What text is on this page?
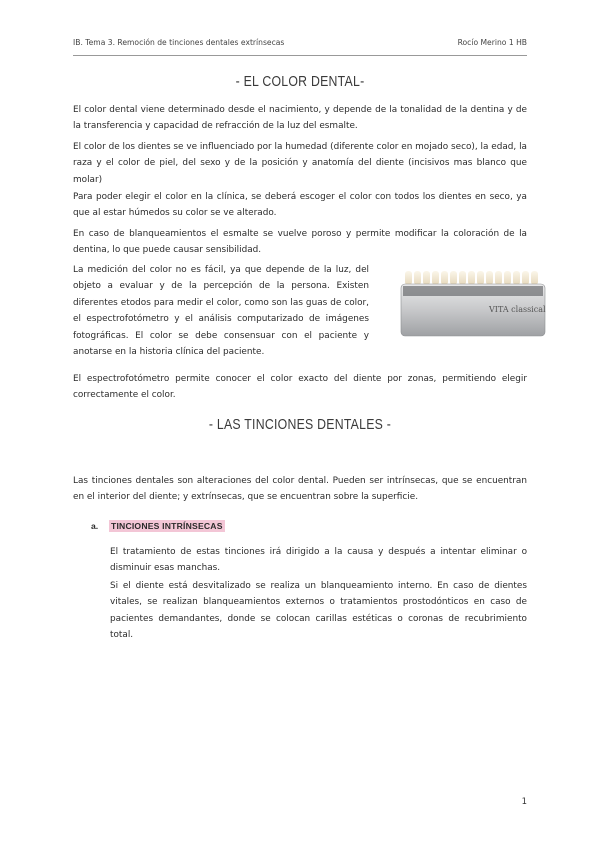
IB. Tema 3. Remoción de tinciones dentales extrínsecas	Rocío Merino 1 HB
- EL COLOR DENTAL-
El color dental viene determinado desde el nacimiento, y depende de la tonalidad de la dentina y de la transferencia y capacidad de refracción de la luz del esmalte.
El color de los dientes se ve influenciado por la humedad (diferente color en mojado seco), la edad, la raza y el color de piel, del sexo y de la posición y anatomía del diente (incisivos mas blanco que molar)
Para poder elegir el color en la clínica, se deberá escoger el color con todos los dientes en seco, ya que al estar húmedos su color se ve alterado.
En caso de blanqueamientos el esmalte se vuelve poroso y permite modificar la coloración de la dentina, lo que puede causar sensibilidad.
La medición del color no es fácil, ya que depende de la luz, del objeto a evaluar y de la percepción de la persona. Existen diferentes etodos para medir el color, como son las guas de color, el espectrofotómetro y el análisis computarizado de imágenes fotográficas. El color se debe consensuar con el paciente y anotarse en la historia clínica del paciente.
VITA classical
El espectrofotómetro permite conocer el color exacto del diente por zonas, permitiendo elegir correctamente el color.
- LAS TINCIONES DENTALES -
Las tinciones dentales son alteraciones del color dental. Pueden ser intrínsecas, que se encuentran en el interior del diente; y extrínsecas, que se encuentran sobre la superficie.
a. TINCIONES INTRÍNSECAS
El tratamiento de estas tinciones irá dirigido a la causa y después a intentar eliminar o disminuir esas manchas.
Si el diente está desvitalizado se realiza un blanqueamiento interno. En caso de dientes vitales, se realizan blanqueamientos externos o tratamientos prostodónticos en caso de pacientes demandantes, donde se colocan carillas estéticas o coronas de recubrimiento total.
1
